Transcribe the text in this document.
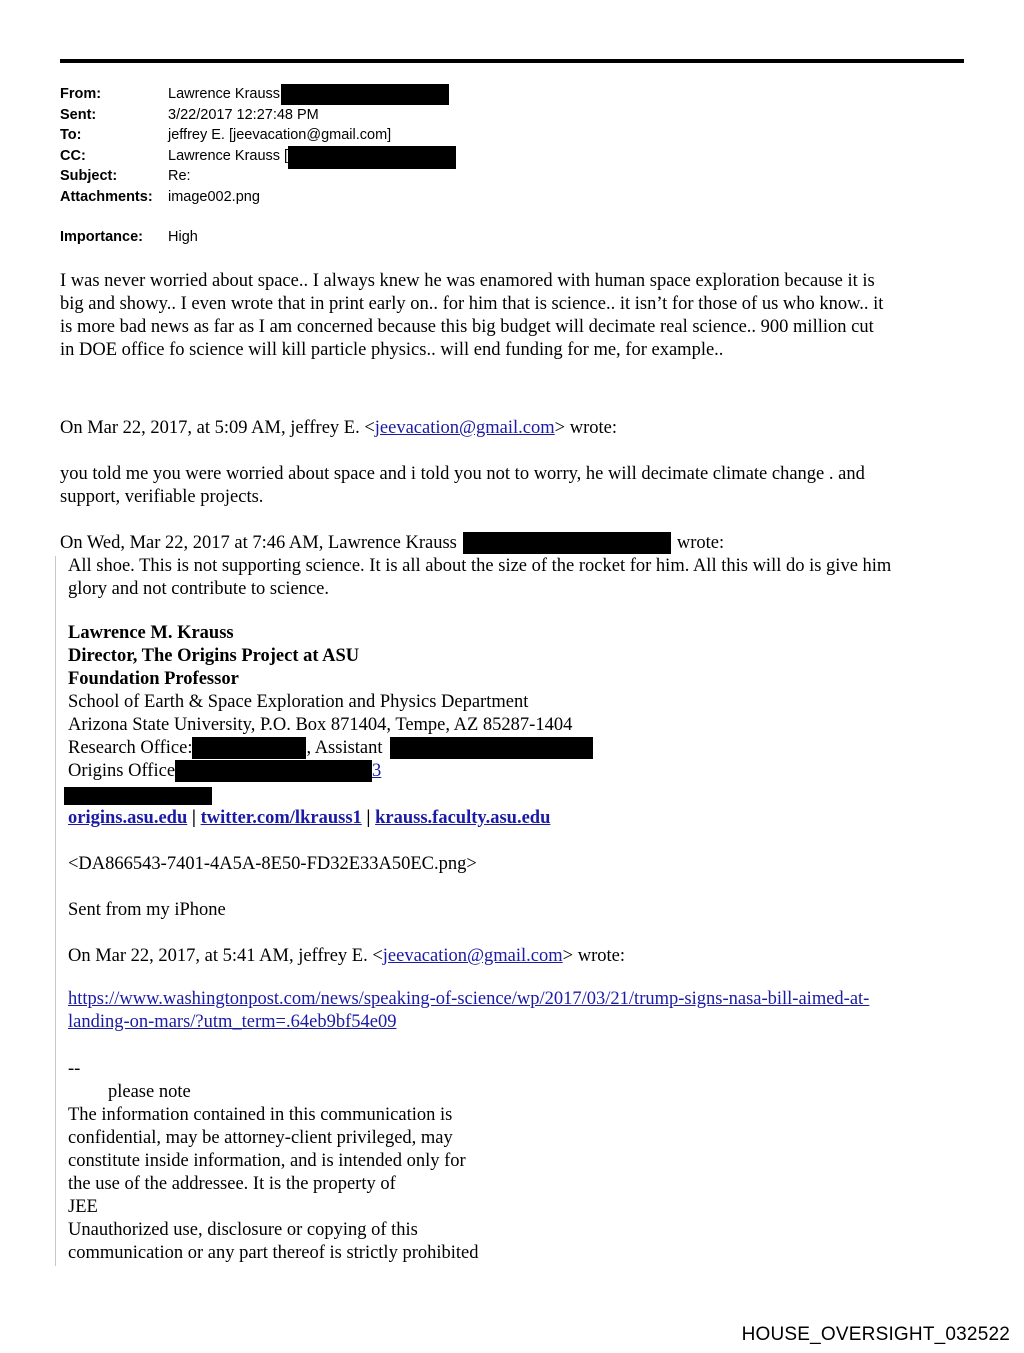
From:	Lawrence Krauss
Sent:	3/22/2017 12:27:48 PM
To:	jeffrey E. [jeevacation@gmail.com]
CC:	Lawrence Krauss [
Subject:	Re:
Attachments: image002.png
Importance: High
I was never worried about space.. I always knew he was enamored with human space exploration because it is
big and showy.. I even wrote that in print early on.. for him that is science.. it isn’t for those of us who know.. it
is more bad news as far as I am concerned because this big budget will decimate real science.. 900 million cut
in DOE office fo science will kill particle physics.. will end funding for me, for example..
On Mar 22, 2017, at 5:09 AM, jeffrey E. <jeevacation@gmail.com> wrote:
you told me you were worried about space and i told you not to worry, he will decimate climate change . and
support, verifiable projects.
On Wed, Mar 22, 2017 at 7:46 AM, Lawrence Krauss	wrote:
All shoe. This is not supporting science. It is all about the size of the rocket for him. All this will do is give him
glory and not contribute to science.
Lawrence M. Krauss
Director, The Origins Project at ASU
Foundation Professor
School of Earth & Space Exploration and Physics Department
Arizona State University, P.O. Box 871404, Tempe, AZ 85287-1404
Research Office:	, Assistant
Origins Office	3
origins.asu.edu | twitter.com/lkrauss1 | krauss.faculty.asu.edu
<DA866543-7401-4A5A-8E50-FD32E33A50EC.png>
Sent from my iPhone
On Mar 22, 2017, at 5:41 AM, jeffrey E. <jeevacation@gmail.com> wrote:
https://www.washingtonpost.com/news/speaking-of-science/wp/2017/03/21/trump-signs-nasa-bill-aimed-at-
landing-on-mars/?utm_term=.64eb9bf54e09
--
please note
The information contained in this communication is
confidential, may be attorney-client privileged, may
constitute inside information, and is intended only for
the use of the addressee. It is the property of
JEE
Unauthorized use, disclosure or copying of this
communication or any part thereof is strictly prohibited
HOUSE_OVERSIGHT_032522
